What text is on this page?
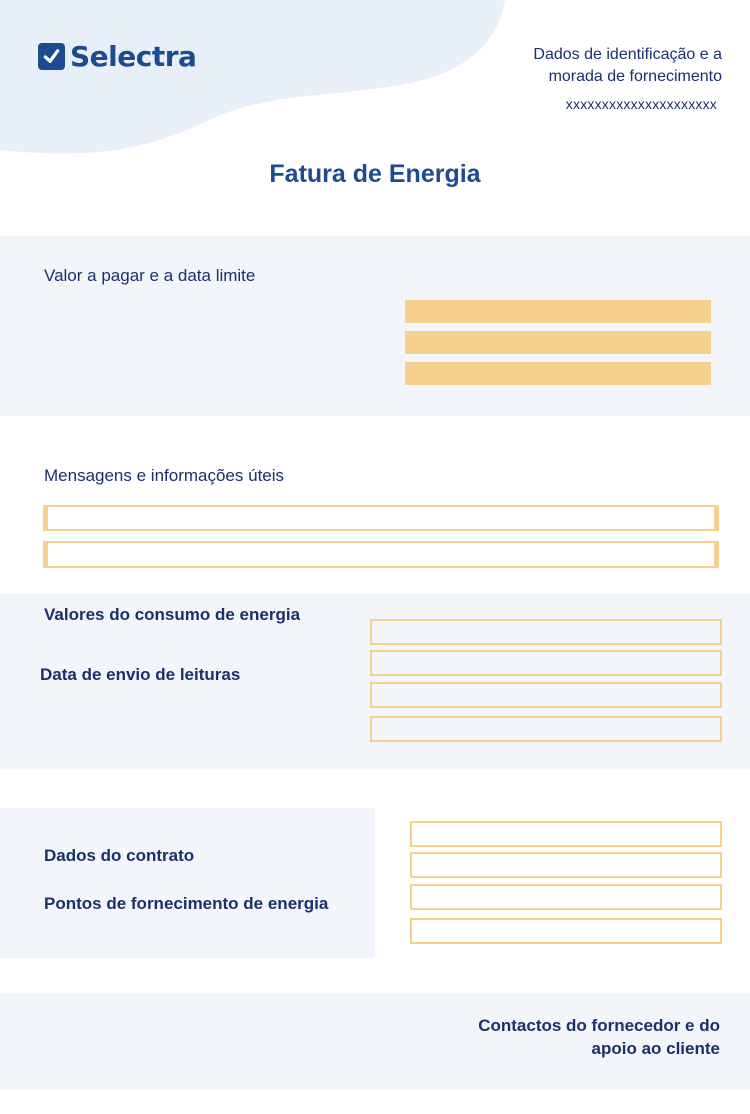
Selectra	Dados de identificação e a
morada de fornecimento
xxxxxxxxxxxxxxxxxxxxx
Fatura de Energia
Valor a pagar e a data limite
Mensagens e informações úteis
Valores do consumo de energia
Data de envio de leituras
Dados do contrato
Pontos de fornecimento de energia
Contactos do fornecedor e do
apoio ao cliente
